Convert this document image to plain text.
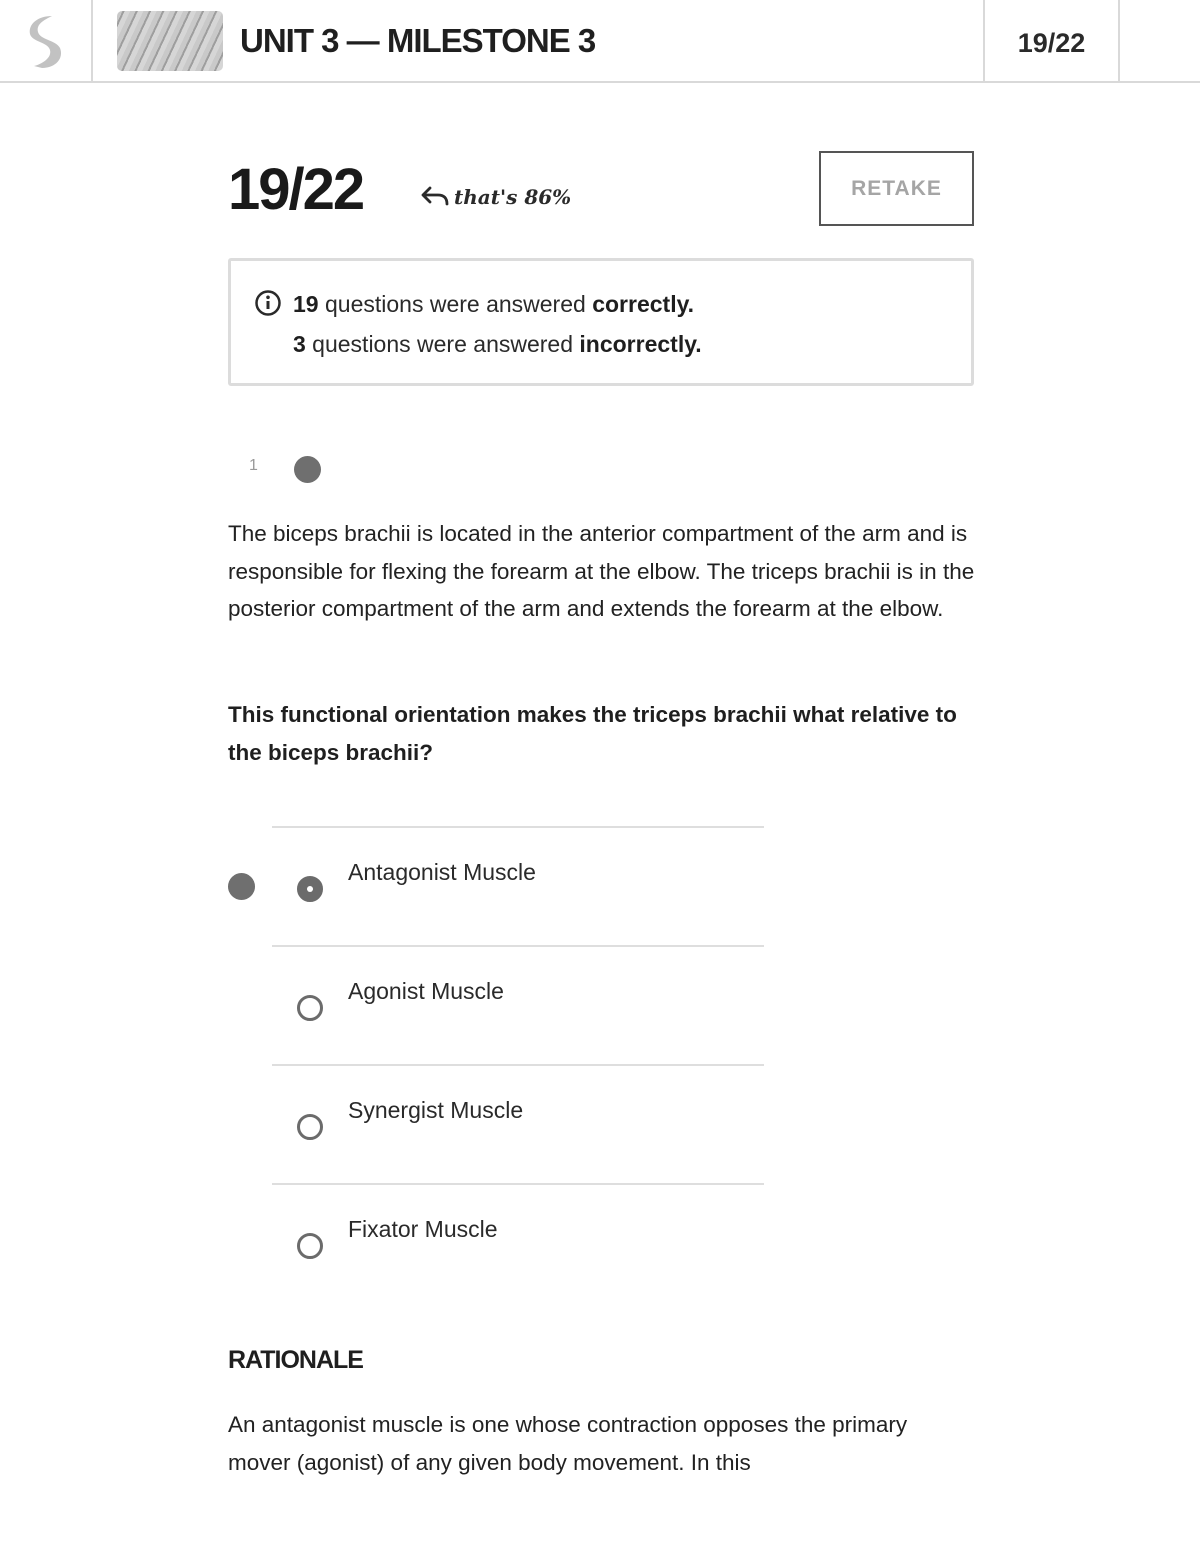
UNIT 3 — MILESTONE 3	19/22
19/22	that's 86%	RETAKE
19 questions were answered correctly.
3 questions were answered incorrectly.
1
The biceps brachii is located in the anterior compartment of the arm and is responsible for flexing the forearm at the elbow. The triceps brachii is in the posterior compartment of the arm and extends the forearm at the elbow.
This functional orientation makes the triceps brachii what relative to the biceps brachii?
Antagonist Muscle
Agonist Muscle
Synergist Muscle
Fixator Muscle
RATIONALE
An antagonist muscle is one whose contraction opposes the primary mover (agonist) of any given body movement. In this
